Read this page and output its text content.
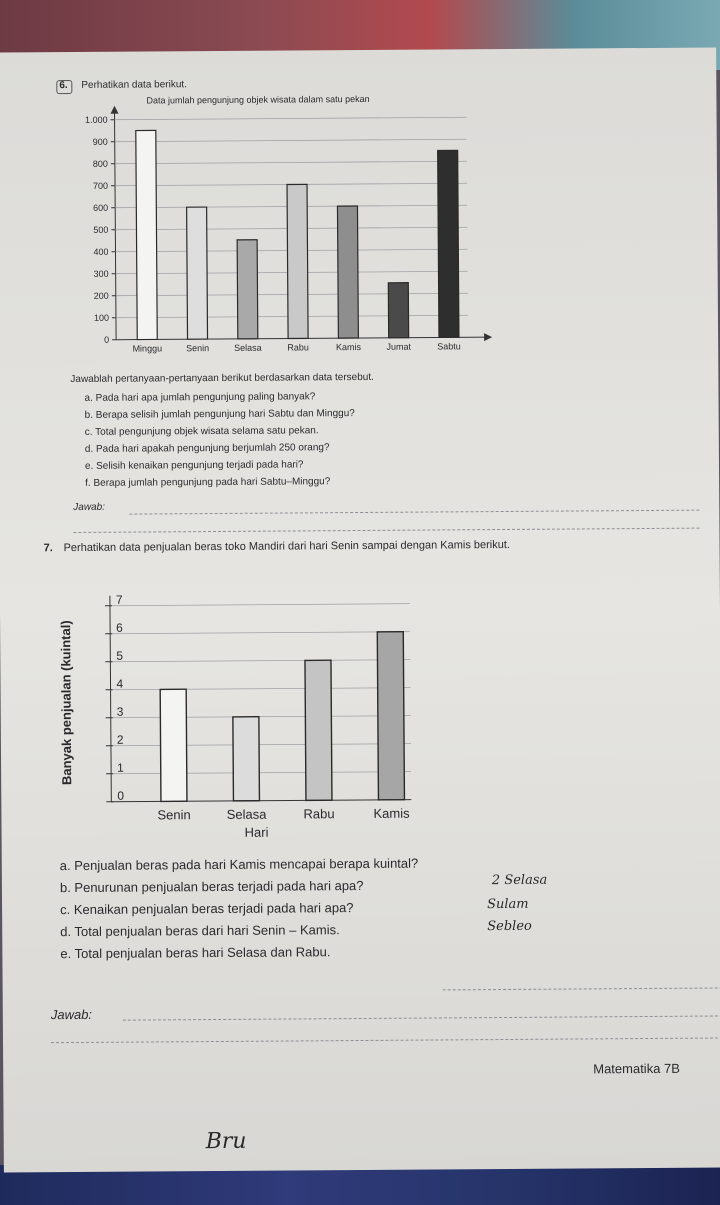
6. Perhatikan data berikut.
Data jumlah pengunjung objek wisata dalam satu pekan
0
100
200
300
400
500
600
700
800
900
1.000
Minggu	Senin	Selasa	Rabu	Kamis	Jumat	Sabtu
Jawablah pertanyaan-pertanyaan berikut berdasarkan data tersebut.
a. Pada hari apa jumlah pengunjung paling banyak?
b. Berapa selisih jumlah pengunjung hari Sabtu dan Minggu?
c. Total pengunjung objek wisata selama satu pekan.
d. Pada hari apakah pengunjung berjumlah 250 orang?
e. Selisih kenaikan pengunjung terjadi pada hari?
f. Berapa jumlah pengunjung pada hari Sabtu–Minggu?
Jawab:
7. Perhatikan data penjualan beras toko Mandiri dari hari Senin sampai dengan Kamis berikut.
Banyak penjualan (kuintal)
0
1
2
3
4
5
6
7
Senin	Selasa	Rabu	Kamis
Hari
a. Penjualan beras pada hari Kamis mencapai berapa kuintal?
b. Penurunan penjualan beras terjadi pada hari apa?
c. Kenaikan penjualan beras terjadi pada hari apa?
d. Total penjualan beras dari hari Senin – Kamis.
e. Total penjualan beras hari Selasa dan Rabu.
2 Selasa
Sulam
Sebleo
Jawab:
Matematika 7B
Bru
